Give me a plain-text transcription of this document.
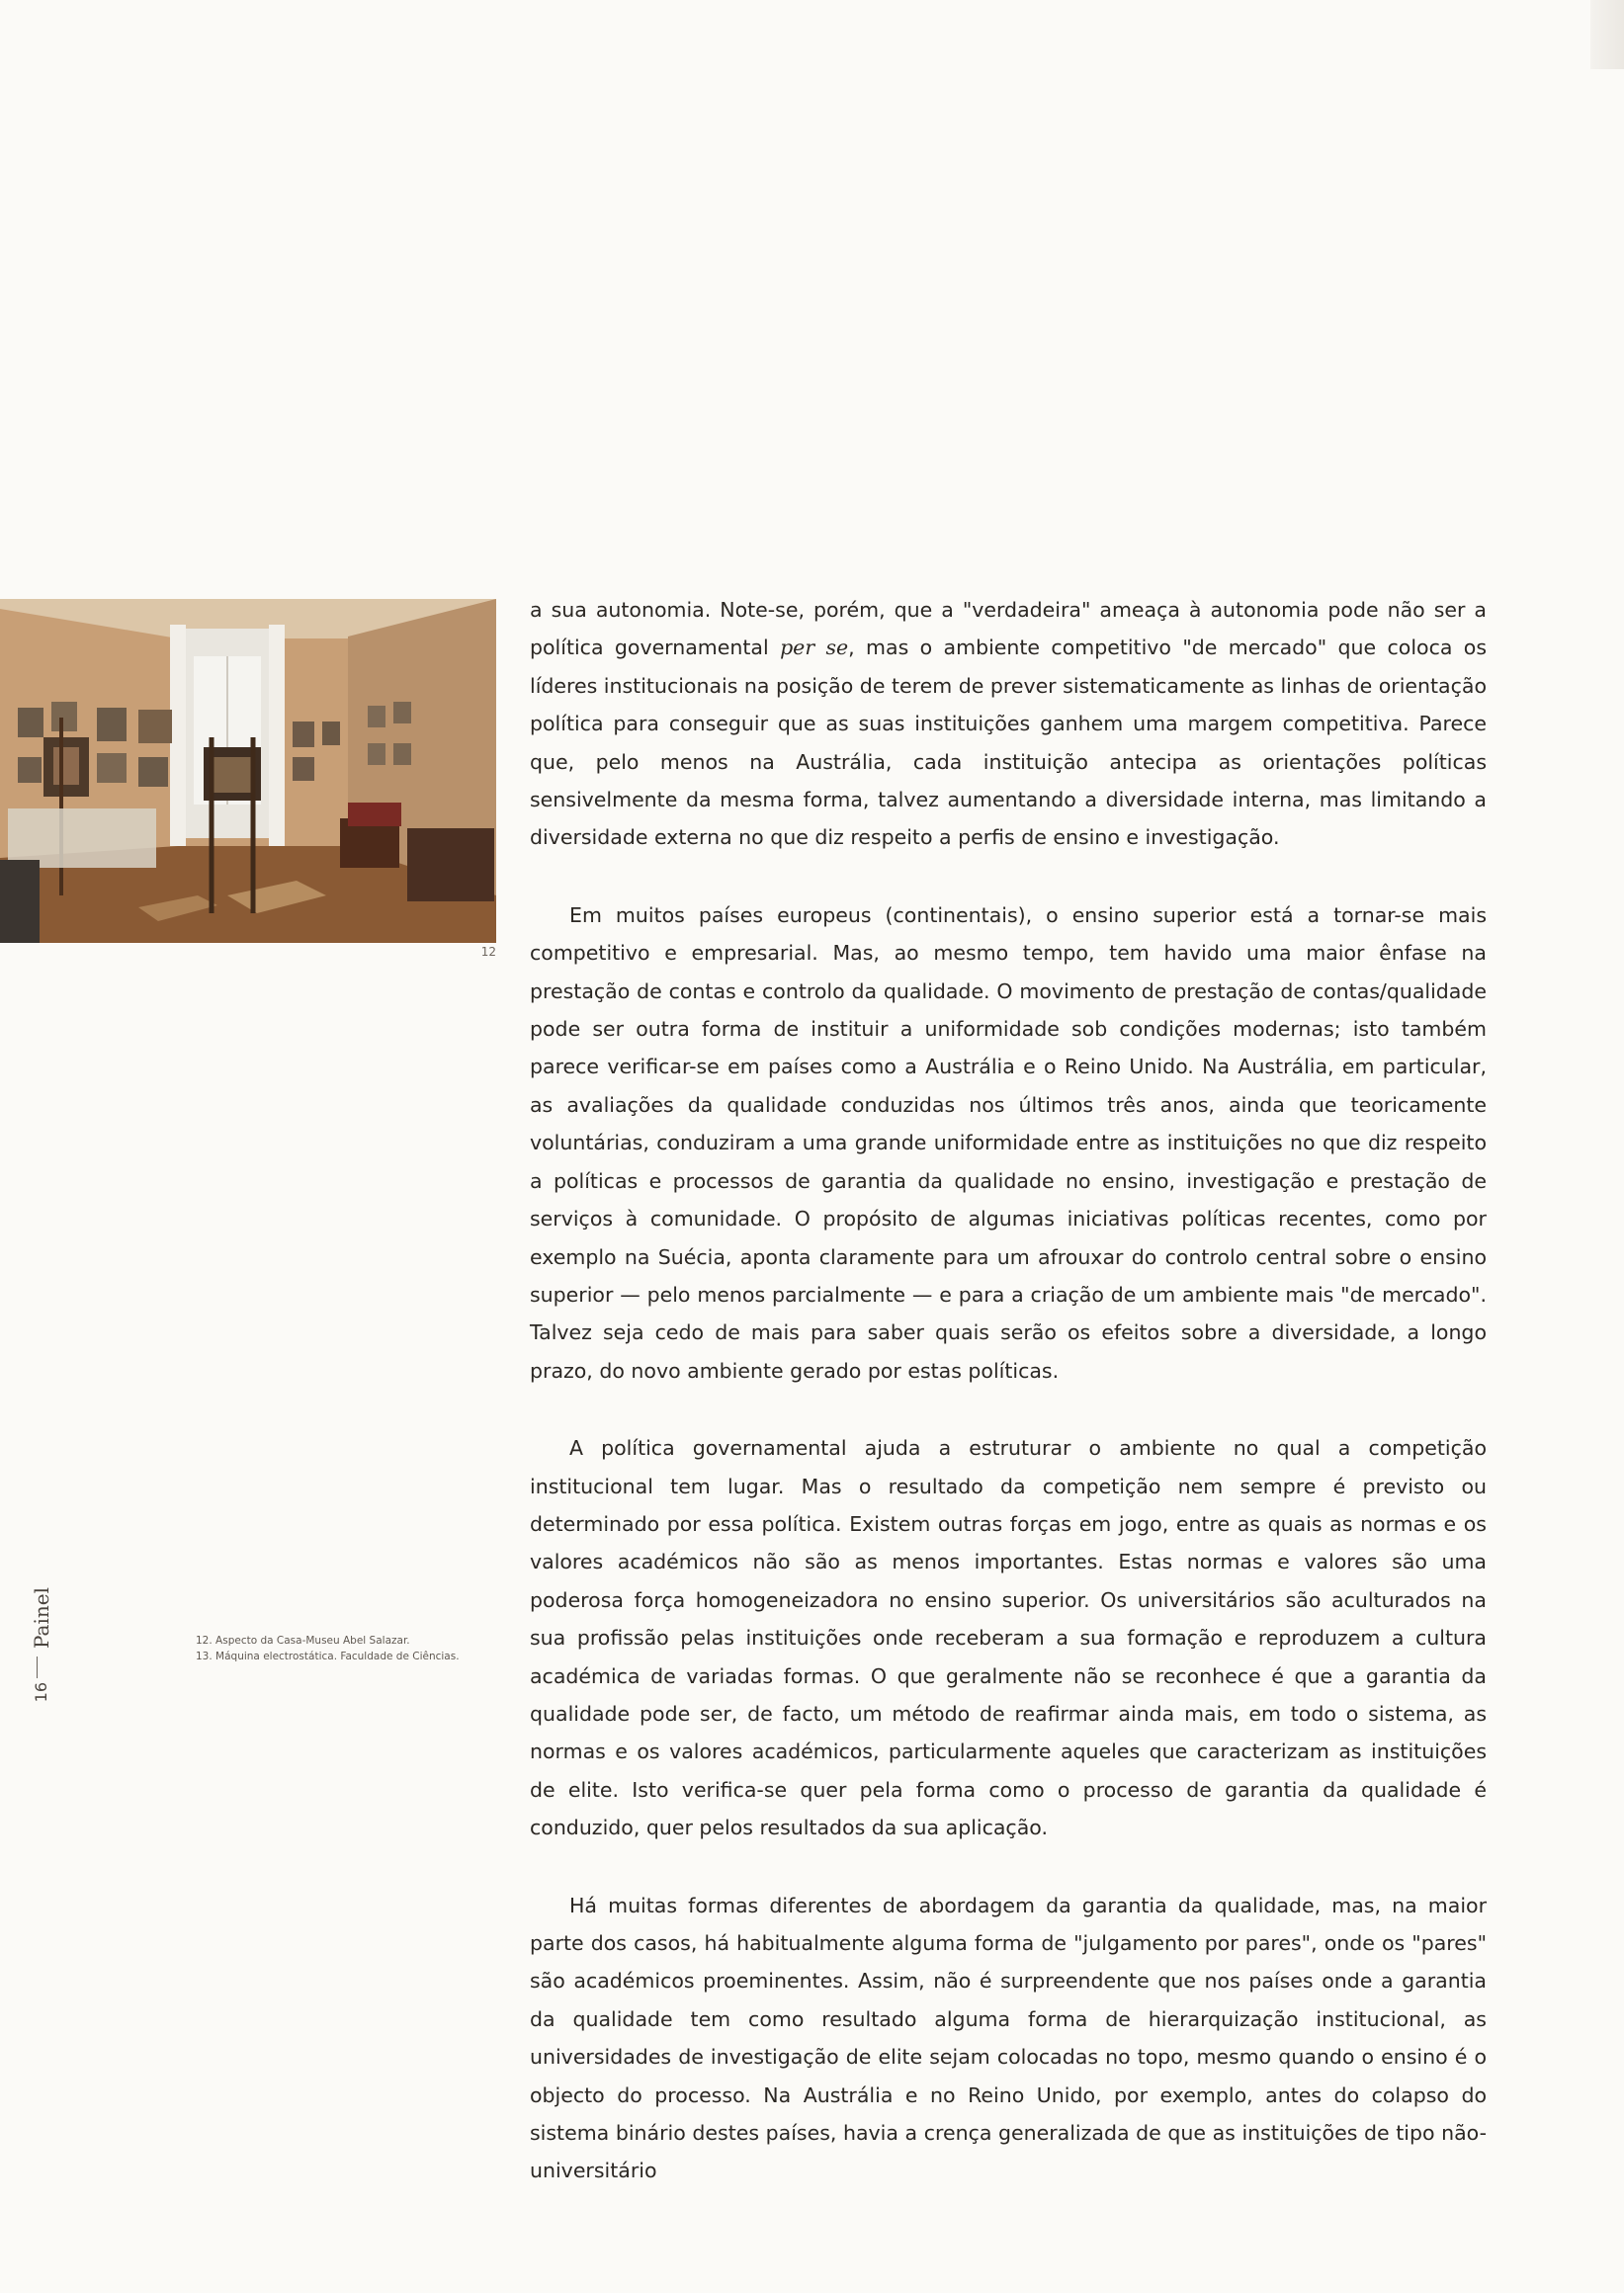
12
Painel
16
12. Aspecto da Casa-Museu Abel Salazar.
13. Máquina electrostática. Faculdade de Ciências.

a sua autonomia. Note-se, porém, que a "verdadeira" ameaça à autonomia pode não ser a política governamental per se, mas o ambiente competitivo "de mercado" que coloca os líderes institucionais na posição de terem de prever sistematicamente as linhas de orientação política para conseguir que as suas instituições ganhem uma margem competitiva. Parece que, pelo menos na Austrália, cada instituição antecipa as orientações políticas sensivelmente da mesma forma, talvez aumentando a diversidade interna, mas limitando a diversidade externa no que diz respeito a perfis de ensino e investigação.

Em muitos países europeus (continentais), o ensino superior está a tornar-se mais competitivo e empresarial. Mas, ao mesmo tempo, tem havido uma maior ênfase na prestação de contas e controlo da qualidade. O movimento de prestação de contas/qualidade pode ser outra forma de instituir a uniformidade sob condições modernas; isto também parece verificar-se em países como a Austrália e o Reino Unido. Na Austrália, em particular, as avaliações da qualidade conduzidas nos últimos três anos, ainda que teoricamente voluntárias, conduziram a uma grande uniformidade entre as instituições no que diz respeito a políticas e processos de garantia da qualidade no ensino, investigação e prestação de serviços à comunidade. O propósito de algumas iniciativas políticas recentes, como por exemplo na Suécia, aponta claramente para um afrouxar do controlo central sobre o ensino superior — pelo menos parcialmente — e para a criação de um ambiente mais "de mercado". Talvez seja cedo de mais para saber quais serão os efeitos sobre a diversidade, a longo prazo, do novo ambiente gerado por estas políticas.

A política governamental ajuda a estruturar o ambiente no qual a competição institucional tem lugar. Mas o resultado da competição nem sempre é previsto ou determinado por essa política. Existem outras forças em jogo, entre as quais as normas e os valores académicos não são as menos importantes. Estas normas e valores são uma poderosa força homogeneizadora no ensino superior. Os universitários são aculturados na sua profissão pelas instituições onde receberam a sua formação e reproduzem a cultura académica de variadas formas. O que geralmente não se reconhece é que a garantia da qualidade pode ser, de facto, um método de reafirmar ainda mais, em todo o sistema, as normas e os valores académicos, particularmente aqueles que caracterizam as instituições de elite. Isto verifica-se quer pela forma como o processo de garantia da qualidade é conduzido, quer pelos resultados da sua aplicação.

Há muitas formas diferentes de abordagem da garantia da qualidade, mas, na maior parte dos casos, há habitualmente alguma forma de "julgamento por pares", onde os "pares" são académicos proeminentes. Assim, não é surpreendente que nos países onde a garantia da qualidade tem como resultado alguma forma de hierarquização institucional, as universidades de investigação de elite sejam colocadas no topo, mesmo quando o ensino é o objecto do processo. Na Austrália e no Reino Unido, por exemplo, antes do colapso do sistema binário destes países, havia a crença generalizada de que as instituições de tipo não-universitário
